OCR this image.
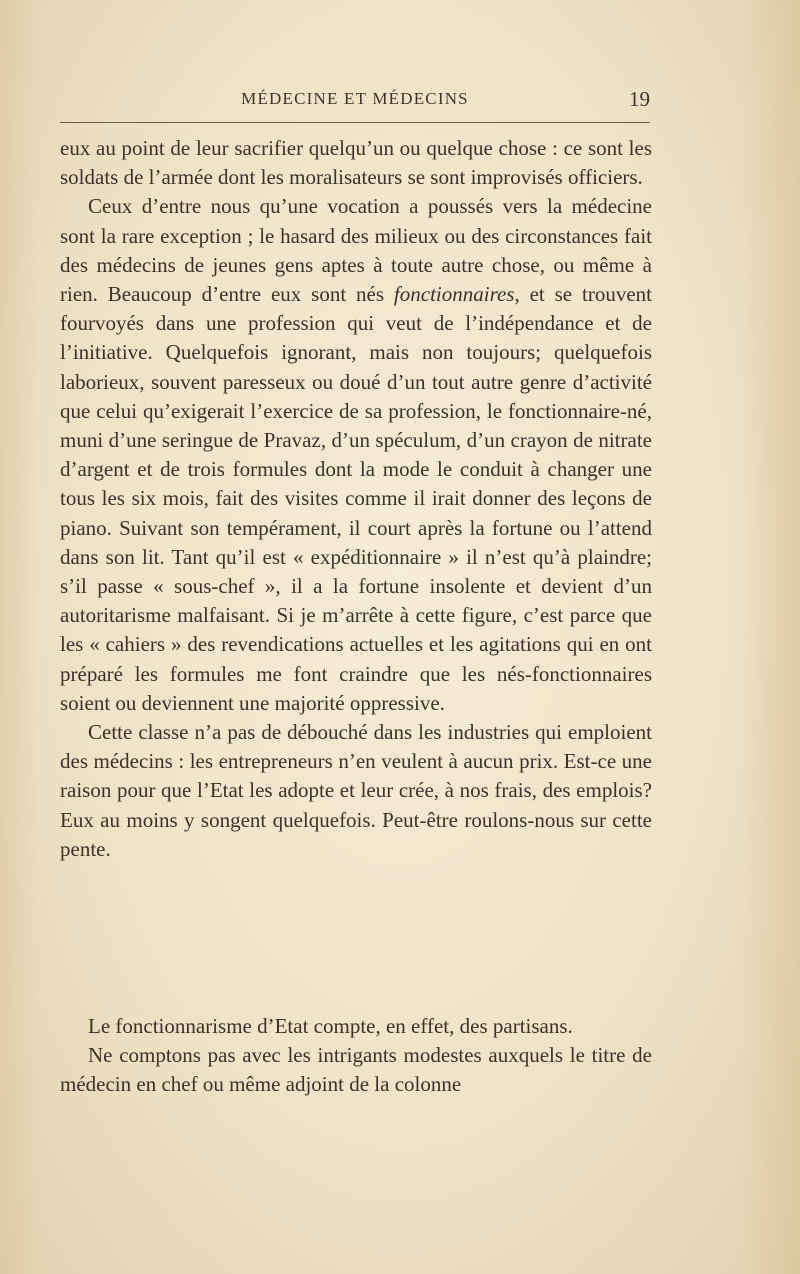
MÉDECINE ET MÉDECINS	19

eux au point de leur sacrifier quelqu’un ou quelque chose : ce sont les soldats de l’armée dont les moralisateurs se sont improvisés officiers.

Ceux d’entre nous qu’une vocation a poussés vers la médecine sont la rare exception ; le hasard des milieux ou des circonstances fait des médecins de jeunes gens aptes à toute autre chose, ou même à rien. Beaucoup d’entre eux sont nés fonctionnaires, et se trouvent fourvoyés dans une profession qui veut de l’indépendance et de l’initiative. Quelquefois ignorant, mais non toujours; quelquefois laborieux, souvent paresseux ou doué d’un tout autre genre d’activité que celui qu’exigerait l’exercice de sa profession, le fonctionnaire-né, muni d’une seringue de Pravaz, d’un spéculum, d’un crayon de nitrate d’argent et de trois formules dont la mode le conduit à changer une tous les six mois, fait des visites comme il irait donner des leçons de piano. Suivant son tempérament, il court après la fortune ou l’attend dans son lit. Tant qu’il est « expéditionnaire » il n’est qu’à plaindre; s’il passe « sous-chef », il a la fortune insolente et devient d’un autoritarisme malfaisant. Si je m’arrête à cette figure, c’est parce que les « cahiers » des revendications actuelles et les agitations qui en ont préparé les formules me font craindre que les nés-fonctionnaires soient ou deviennent une majorité oppressive.

Cette classe n’a pas de débouché dans les industries qui emploient des médecins : les entrepreneurs n’en veulent à aucun prix. Est-ce une raison pour que l’Etat les adopte et leur crée, à nos frais, des emplois? Eux au moins y songent quelquefois. Peut-être roulons-nous sur cette pente.

Le fonctionnarisme d’Etat compte, en effet, des partisans.

Ne comptons pas avec les intrigants modestes auxquels le titre de médecin en chef ou même adjoint de la colonne
